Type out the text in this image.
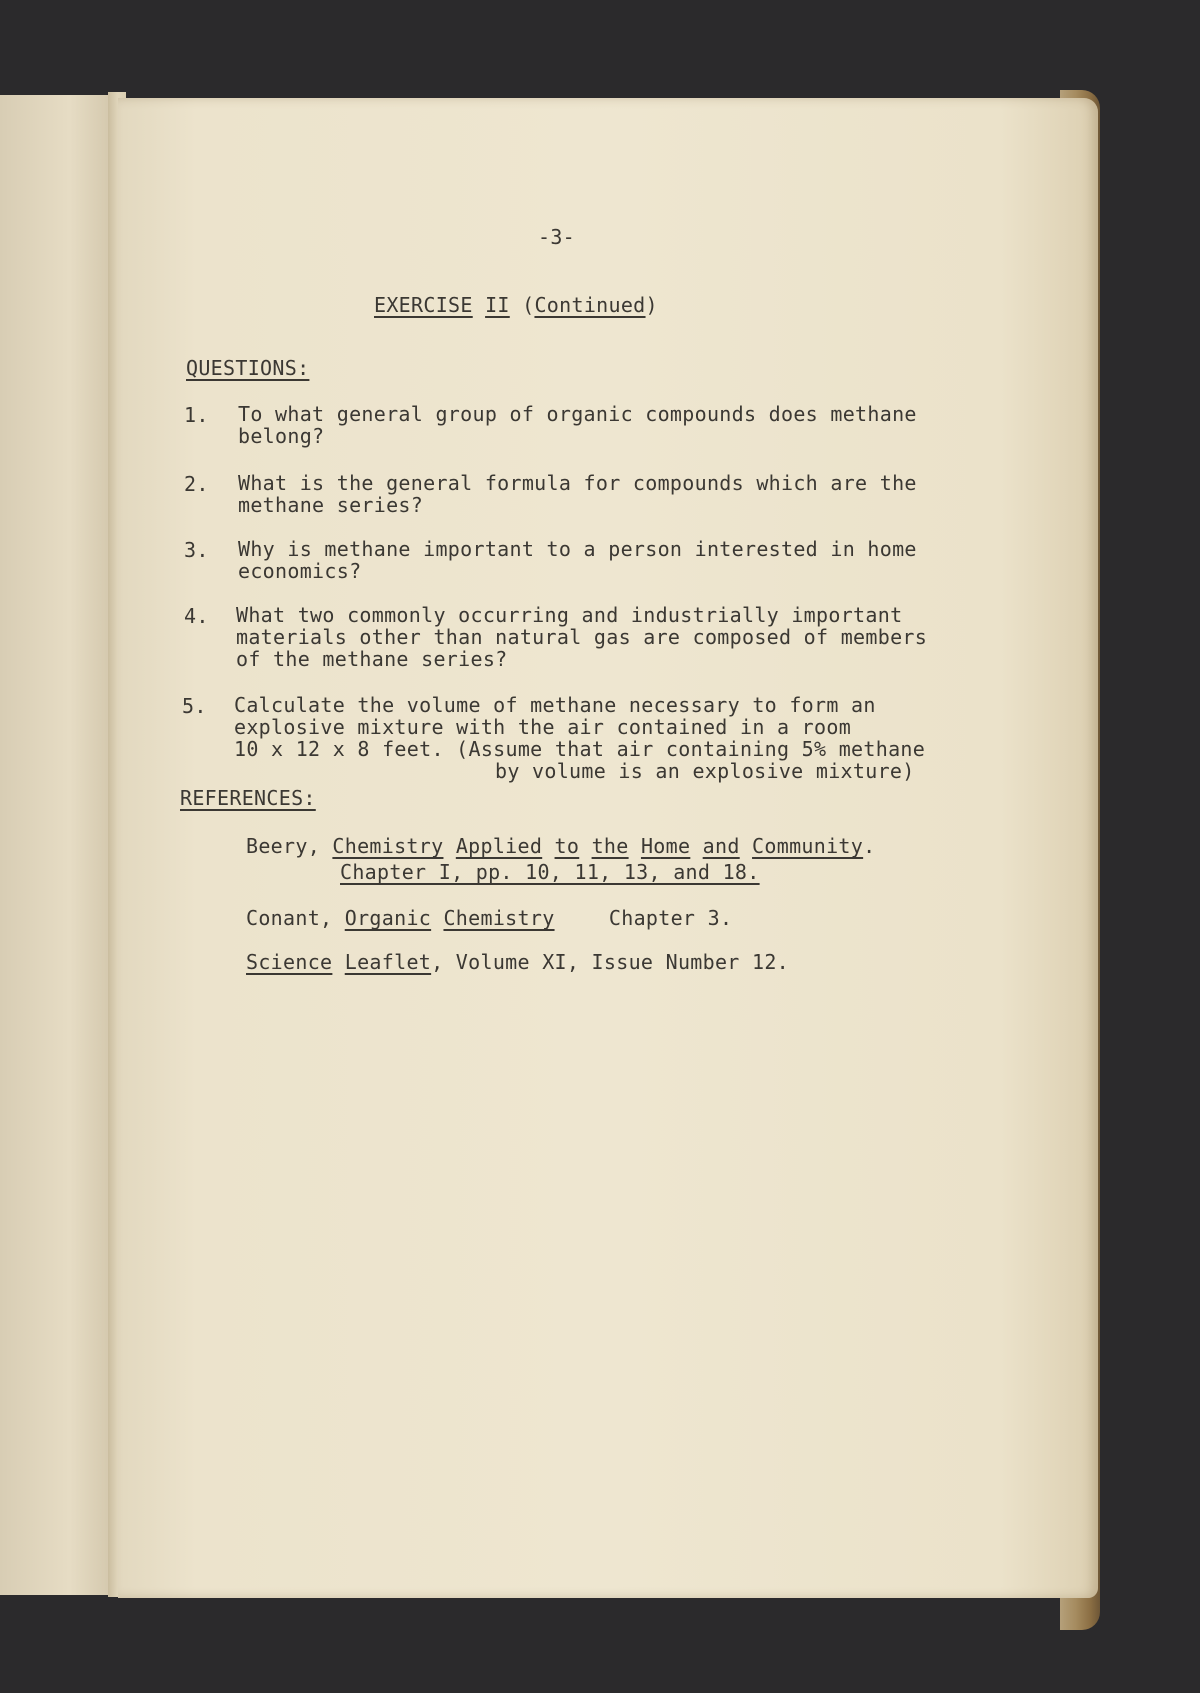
-3-
EXERCISE II (Continued)
QUESTIONS:
1. To what general group of organic compounds does methane
belong?
2. What is the general formula for compounds which are the
methane series?
3. Why is methane important to a person interested in home
economics?
4. What two commonly occurring and industrially important
materials other than natural gas are composed of members
of the methane series?
5. Calculate the volume of methane necessary to form an
explosive mixture with the air contained in a room
10 x 12 x 8 feet. (Assume that air containing 5% methane
by volume is an explosive mixture)
REFERENCES:
Beery, Chemistry Applied to the Home and Community.
Chapter I, pp. 10, 11, 13, and 18.
Conant, Organic Chemistry	Chapter 3.
Science Leaflet, Volume XI, Issue Number 12.
